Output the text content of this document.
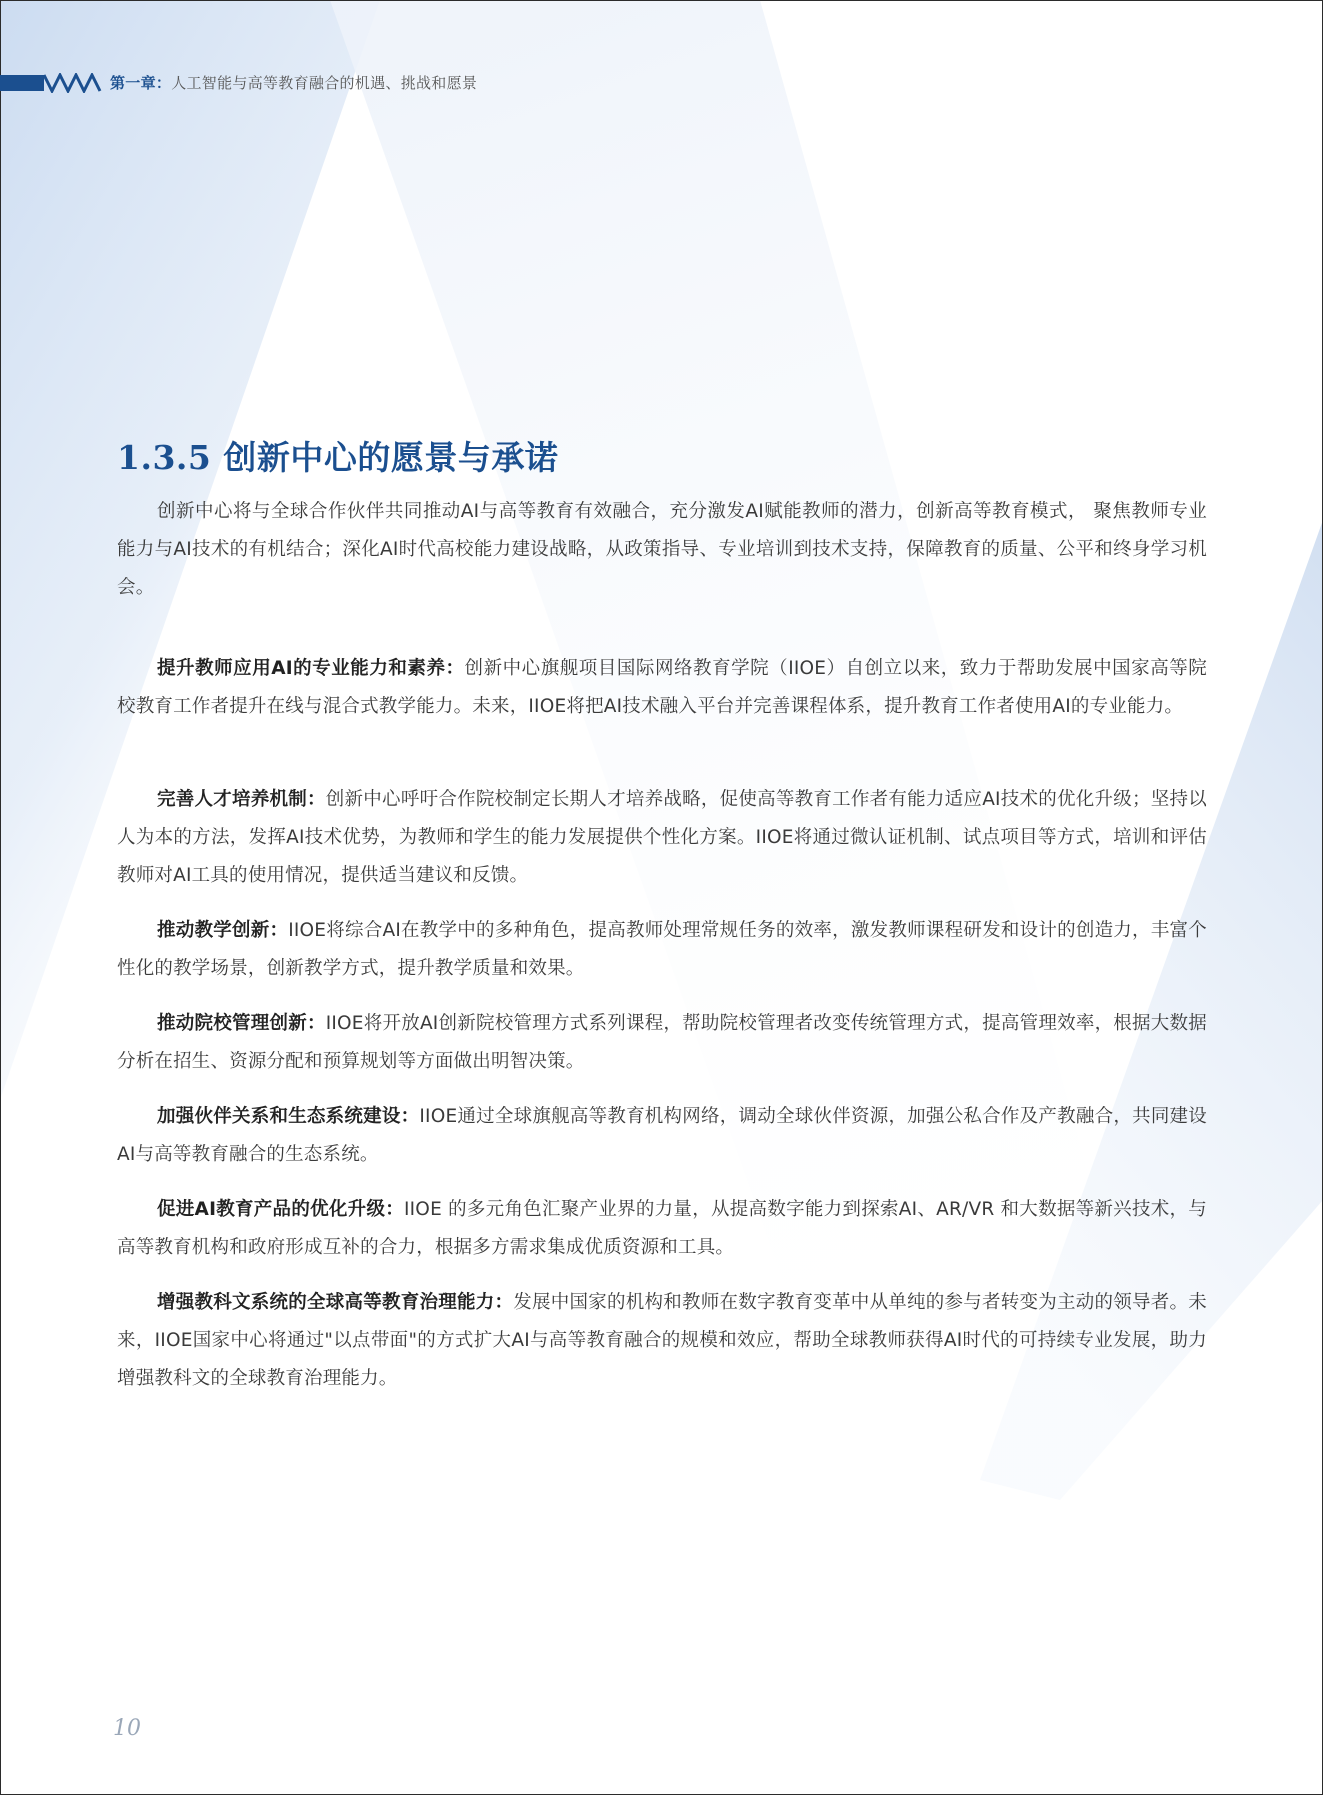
第一章：人工智能与高等教育融合的机遇、挑战和愿景
1.3.5 创新中心的愿景与承诺

创新中心将与全球合作伙伴共同推动AI与高等教育有效融合，充分激发AI赋能教师的潜力，创新高等教育模式， 聚焦教师专业能力与AI技术的有机结合；深化AI时代高校能力建设战略，从政策指导、专业培训到技术支持，保障教育的质量、公平和终身学习机会。

提升教师应用AI的专业能力和素养：创新中心旗舰项目国际网络教育学院（IIOE）自创立以来，致力于帮助发展中国家高等院校教育工作者提升在线与混合式教学能力。未来，IIOE将把AI技术融入平台并完善课程体系，提升教育工作者使用AI的专业能力。

完善人才培养机制：创新中心呼吁合作院校制定长期人才培养战略，促使高等教育工作者有能力适应AI技术的优化升级；坚持以人为本的方法，发挥AI技术优势，为教师和学生的能力发展提供个性化方案。IIOE将通过微认证机制、试点项目等方式，培训和评估教师对AI工具的使用情况，提供适当建议和反馈。

推动教学创新：IIOE将综合AI在教学中的多种角色，提高教师处理常规任务的效率，激发教师课程研发和设计的创造力，丰富个性化的教学场景，创新教学方式，提升教学质量和效果。

推动院校管理创新：IIOE将开放AI创新院校管理方式系列课程，帮助院校管理者改变传统管理方式，提高管理效率，根据大数据分析在招生、资源分配和预算规划等方面做出明智决策。

加强伙伴关系和生态系统建设：IIOE通过全球旗舰高等教育机构网络，调动全球伙伴资源，加强公私合作及产教融合，共同建设AI与高等教育融合的生态系统。

促进AI教育产品的优化升级：IIOE 的多元角色汇聚产业界的力量，从提高数字能力到探索AI、AR/VR 和大数据等新兴技术，与高等教育机构和政府形成互补的合力，根据多方需求集成优质资源和工具。

增强教科文系统的全球高等教育治理能力：发展中国家的机构和教师在数字教育变革中从单纯的参与者转变为主动的领导者。未来，IIOE国家中心将通过"以点带面"的方式扩大AI与高等教育融合的规模和效应，帮助全球教师获得AI时代的可持续专业发展，助力增强教科文的全球教育治理能力。

10
